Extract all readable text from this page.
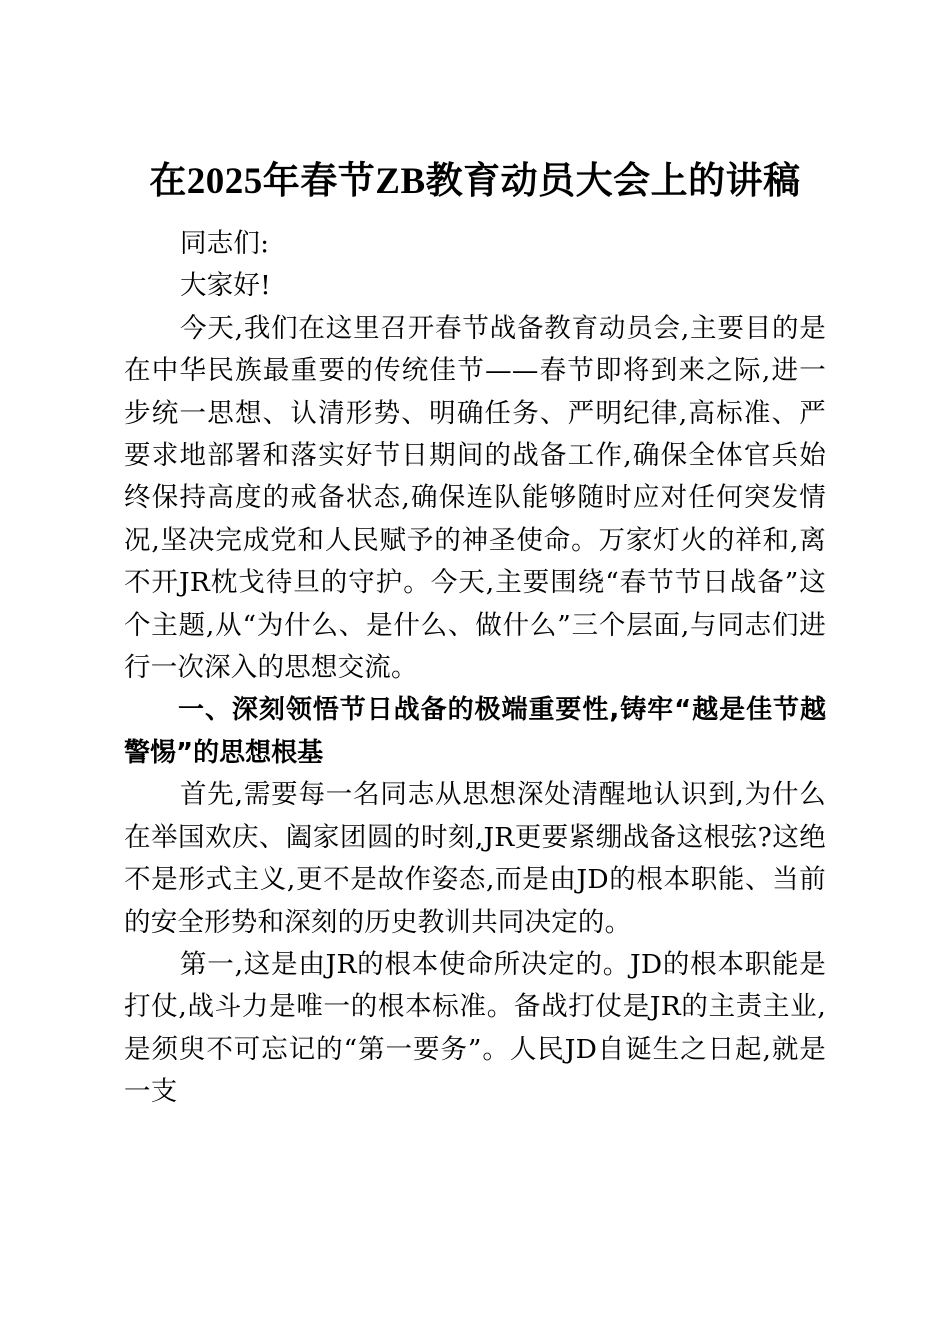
在2025年春节ZB教育动员大会上的讲稿

同志们:

大家好!

今天,我们在这里召开春节战备教育动员会,主要目的是在中华民族最重要的传统佳节——春节即将到来之际,进一步统一思想、认清形势、明确任务、严明纪律,高标准、严要求地部署和落实好节日期间的战备工作,确保全体官兵始终保持高度的戒备状态,确保连队能够随时应对任何突发情况,坚决完成党和人民赋予的神圣使命。万家灯火的祥和,离不开JR枕戈待旦的守护。今天,主要围绕“春节节日战备”这个主题,从“为什么、是什么、做什么”三个层面,与同志们进行一次深入的思想交流。

一、深刻领悟节日战备的极端重要性,铸牢“越是佳节越警惕”的思想根基

首先,需要每一名同志从思想深处清醒地认识到,为什么在举国欢庆、阖家团圆的时刻,JR更要紧绷战备这根弦?这绝不是形式主义,更不是故作姿态,而是由JD的根本职能、当前的安全形势和深刻的历史教训共同决定的。

第一,这是由JR的根本使命所决定的。JD的根本职能是打仗,战斗力是唯一的根本标准。备战打仗是JR的主责主业,是须臾不可忘记的“第一要务”。人民JD自诞生之日起,就是一支
